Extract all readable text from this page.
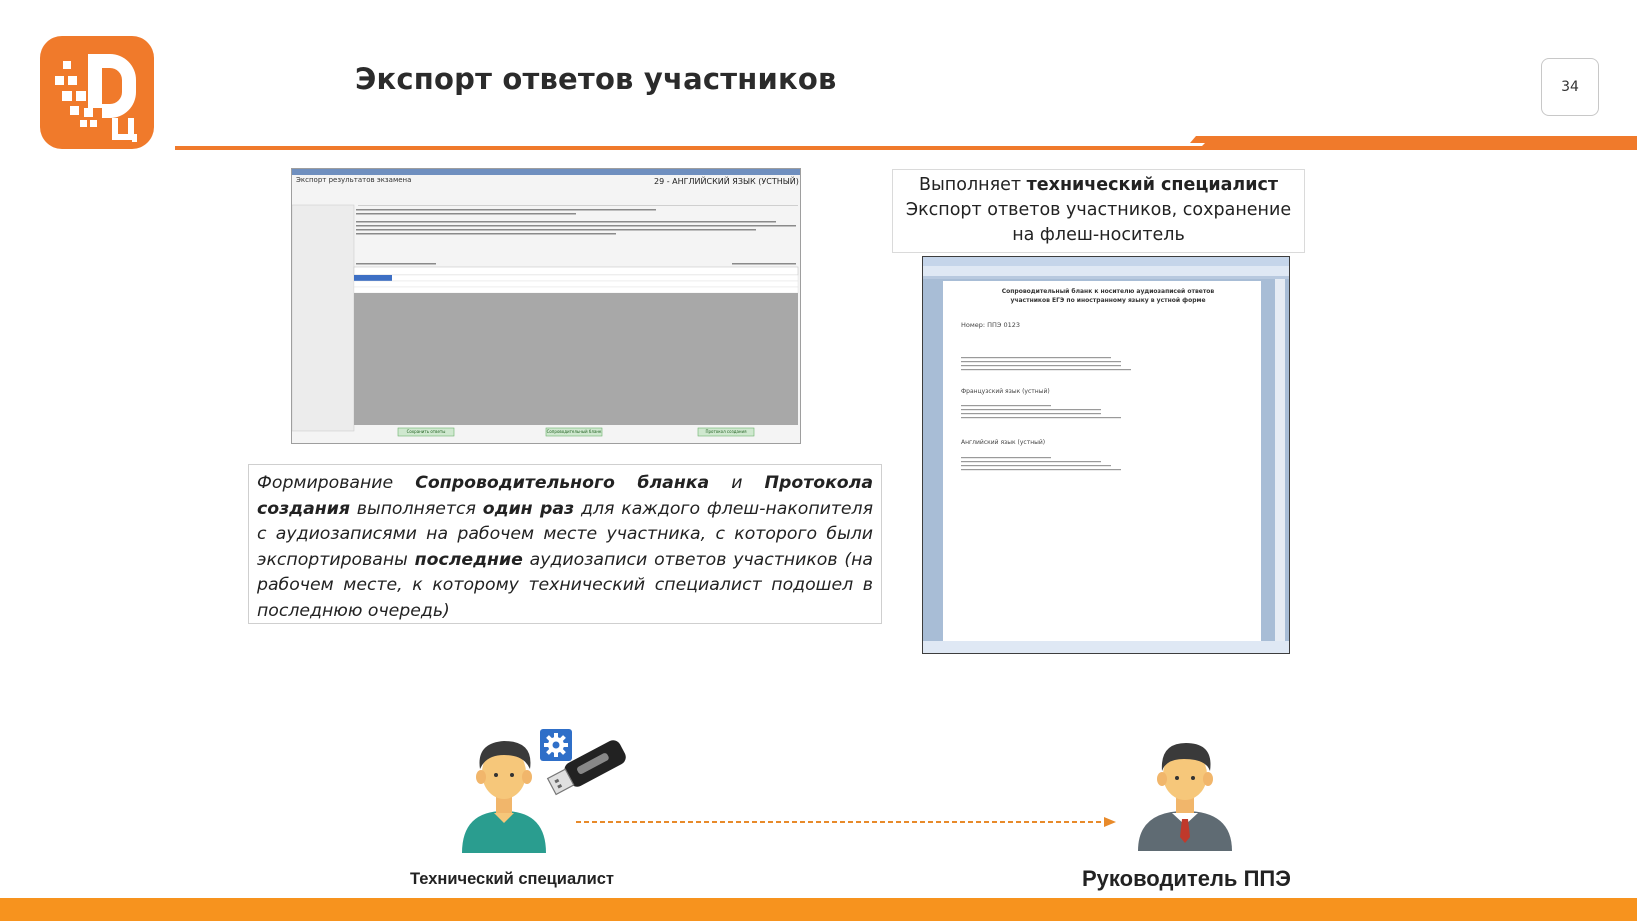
Экспорт ответов участников	34
Экспорт результатов экзамена	29 - АНГЛИЙСКИЙ ЯЗЫК (УСТНЫЙ)
Сохранить ответы	Сопроводительный бланк	Протокол создания
Формирование Сопроводительного бланка и Протокола создания выполняется один раз для каждого флеш-накопителя с аудиозаписями на рабочем месте участника, с которого были экспортированы последние аудиозаписи ответов участников (на рабочем месте, к которому технический специалист подошел в последнюю очередь)
Выполняет технический специалист
Экспорт ответов участников, сохранение на флеш-носитель
Сопроводительный бланк к носителю аудиозаписей ответов участников ЕГЭ по иностранному языку в устной форме
Номер: ППЭ 0123
Французский язык (устный)
Английский язык (устный)
Технический специалист	Руководитель ППЭ
